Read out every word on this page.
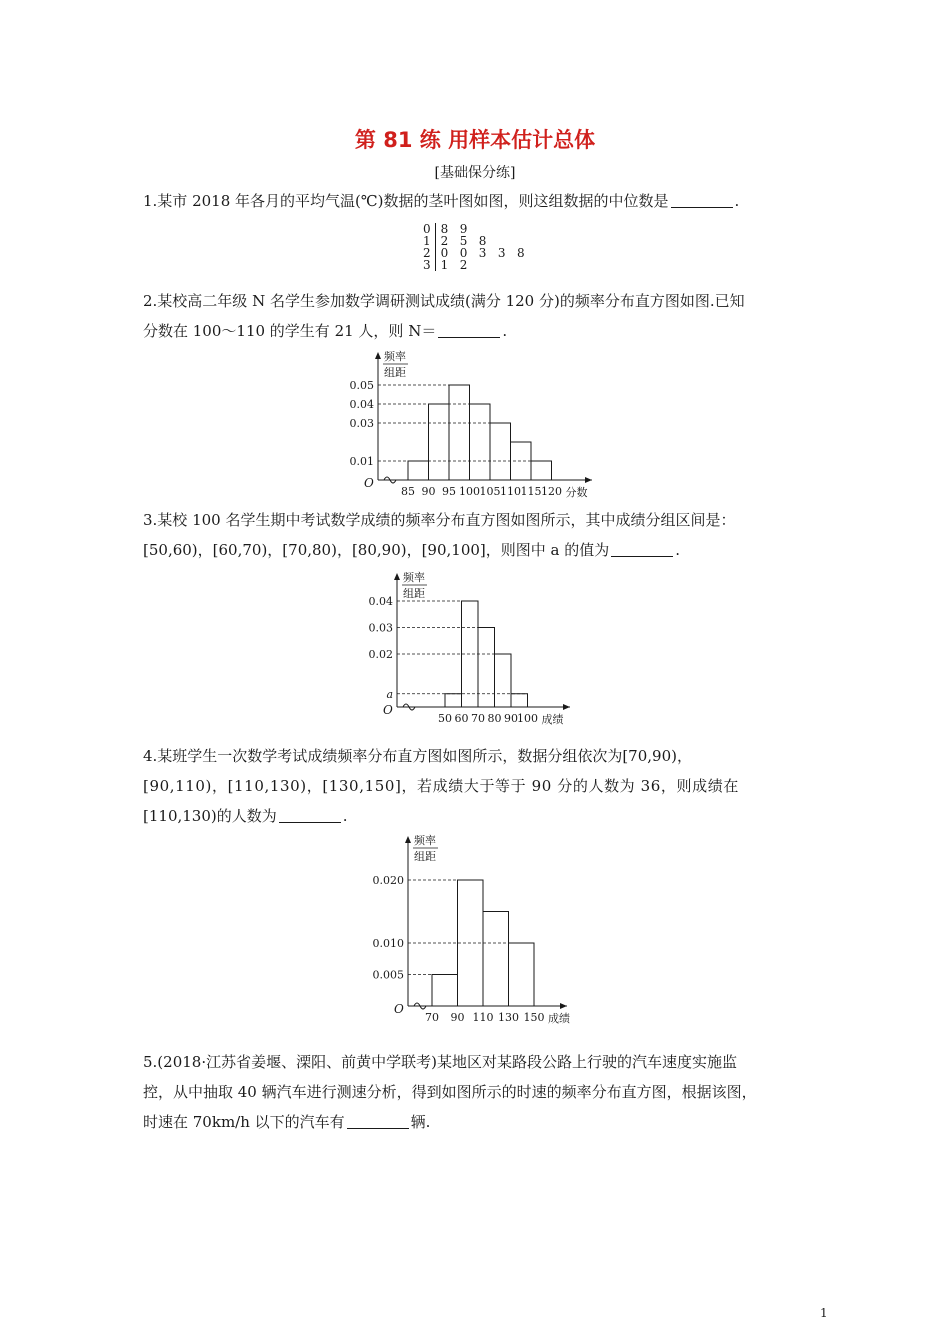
第 81 练 用样本估计总体
[基础保分练]
1.某市 2018 年各月的平均气温(℃)数据的茎叶图如图，则这组数据的中位数是	.
0	8   9
1	2   5   8
2	0   0   3   3   8
3	1   2
2.某校高二年级 N 名学生参加数学调研测试成绩(满分 120 分)的频率分布直方图如图.已知
分数在 100～110 的学生有 21 人，则 N＝	.
O
频率
组距
0.05
0.04
0.03
0.01
85 90 95 100 105 110 115 120 分数
3.某校 100 名学生期中考试数学成绩的频率分布直方图如图所示，其中成绩分组区间是：
[50,60)，[60,70)，[70,80)，[80,90)，[90,100]，则图中 a 的值为	.
O
频率
组距
0.04
0.03
0.02
a
50 60 70 80 90 100 成绩
4.某班学生一次数学考试成绩频率分布直方图如图所示，数据分组依次为[70,90)，
[90,110)，[110,130)，[130,150]，若成绩大于等于 90 分的人数为 36，则成绩在
[110,130)的人数为	.
O
频率
组距
0.020
0.010
0.005
70 90 110 130 150 成绩
5.(2018·江苏省姜堰、溧阳、前黄中学联考)某地区对某路段公路上行驶的汽车速度实施监
控，从中抽取 40 辆汽车进行测速分析，得到如图所示的时速的频率分布直方图，根据该图，
时速在 70km/h 以下的汽车有	辆.
1
